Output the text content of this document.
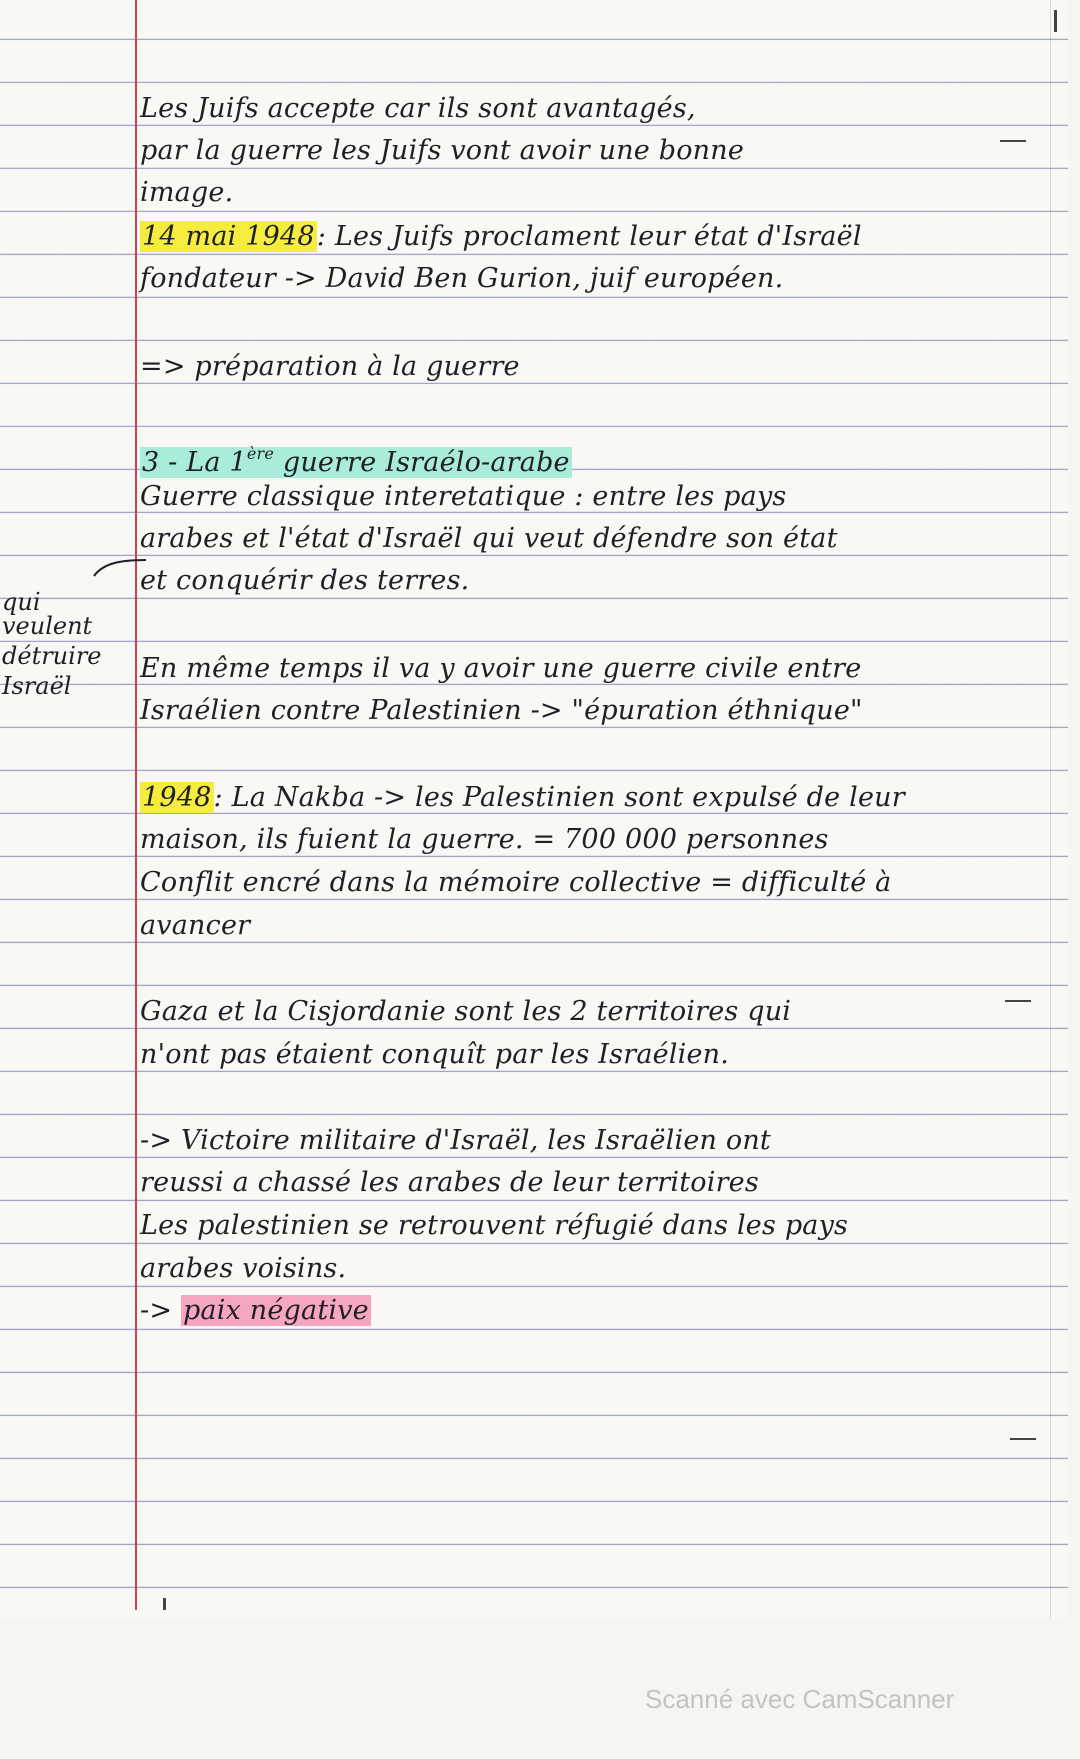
Les Juifs accepte car ils sont avantagés,

par la guerre les Juifs vont avoir une bonne

image.

14 mai 1948: Les Juifs proclament leur état d'Israël

fondateur -> David Ben Gurion, juif européen.

=> préparation à la guerre

3 - La 1ère guerre Israélo-arabe

Guerre classique interetatique : entre les pays

arabes et l'état d'Israël qui veut défendre son état

et conquérir des terres.

En même temps il va y avoir une guerre civile entre

Israélien contre Palestinien -> "épuration éthnique"

1948: La Nakba -> les Palestinien sont expulsé de leur

maison, ils fuient la guerre. = 700 000 personnes

Conflit encré dans la mémoire collective = difficulté à

avancer

Gaza et la Cisjordanie sont les 2 territoires qui

n'ont pas étaient conquît par les Israélien.

-> Victoire militaire d'Israël, les Israëlien ont

reussi a chassé les arabes de leur territoires

Les palestinien se retrouvent réfugié dans les pays

arabes voisins.

-> paix négative

qui

veulent

détruire

Israël

Scanné avec CamScanner
